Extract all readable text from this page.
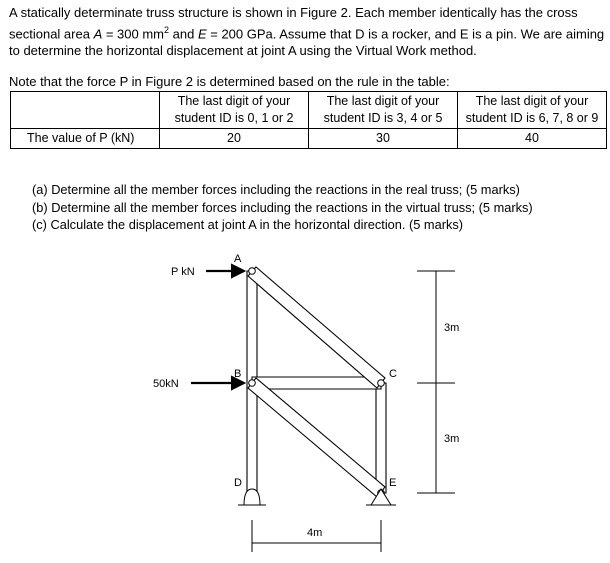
A statically determinate truss structure is shown in Figure 2. Each member identically has the cross sectional area A = 300 $mm^2$ and E = 200 GPa. Assume that D is a rocker, and E is a pin. We are aiming to determine the horizontal displacement at joint A using the Virtual Work method.
Note that the force P in Figure 2 is determined based on the rule in the table:
	The last digit of your student ID is 0, 1 or 2	The last digit of your student ID is 3, 4 or 5	The last digit of your student ID is 6, 7, 8 or 9
The value of P (kN)	20	30	40
(a) Determine all the member forces including the reactions in the real truss; (5 marks)
(b) Determine all the member forces including the reactions in the virtual truss; (5 marks)
(c) Calculate the displacement at joint A in the horizontal direction. (5 marks)
P kN
50kN
A
B	C
D	E
3m
3m
4m
